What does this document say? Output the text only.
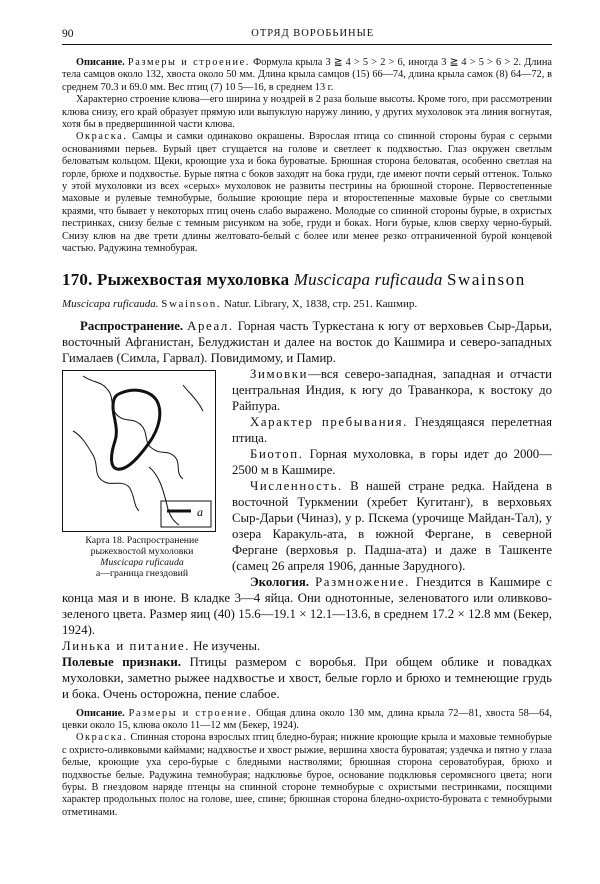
90	ОТРЯД ВОРОБЬИНЫЕ

Описание. Размеры и строение. Формула крыла 3 ≧ 4 > 5 > 2 > 6, иногда 3 ≧ 4 > 5 > 6 > 2. Длина тела самцов около 132, хвоста около 50 мм. Длина крыла самцов (15) 66—74, длина крыла самок (8) 64—72, в среднем 70.3 и 69.0 мм. Вес птиц (7) 10 5—16, в среднем 13 г.

Характерно строение клюва—его ширина у ноздрей в 2 раза больше высоты. Кроме того, при рассмотрении клюва снизу, его край образует прямую или выпуклую наружу линию, у других мухоловок эта линия вогнутая, хотя бы в предвершинной части клюва.

Окраска. Самцы и самки одинаково окрашены. Взрослая птица со спинной стороны бурая с серыми основаниями перьев. Бурый цвет сгущается на голове и светлеет к подхвостью. Глаз окружен светлым беловатым кольцом. Щеки, кроющие уха и бока буроватые. Брюшная сторона беловатая, особенно светлая на горле, брюхе и подхвостье. Бурые пятна с боков заходят на бока груди, где имеют почти серый оттенок. Только у этой мухоловки из всех «серых» мухоловок не развиты пестрины на брюшной стороне. Первостепенные маховые и рулевые темнобурые, большие кроющие пера и второстепенные маховые бурые со светлыми краями, что бывает у некоторых птиц очень слабо выражено. Молодые со спинной стороны бурые, в охристых пестринках, снизу белые с темным рисунком на зобе, груди и боках. Ноги бурые, клюв сверху черно-бурый. Снизу клюв на две трети длины желтовато-белый с более или менее резко отграниченной бурой концевой частью. Радужина темнобурая.

170. Рыжехвостая мухоловка Muscicapa ruficauda Swainson
Muscicapa ruficauda. Swainson. Natur. Library, X, 1838, стр. 251. Кашмир.

Распространение. Ареал. Горная часть Туркестана к югу от верховьев Сыр-Дарьи, восточный Афганистан, Белуджистан и далее на восток до Кашмира и северо-западных Гималаев (Симла, Гарвал). Повидимому, и Памир.

a
Карта 18. Распространение
рыжехвостой мухоловки
Muscicapa ruficauda
a—граница гнездовий

Зимовки—вся северо-западная, западная и отчасти центральная Индия, к югу до Траванкора, к востоку до Райпура.

Характер пребывания. Гнездящаяся перелетная птица.

Биотоп. Горная мухоловка, в горы идет до 2000—2500 м в Кашмире.

Численность. В нашей стране редка. Найдена в восточной Туркмении (хребет Кугитанг), в верховьях Сыр-Дарьи (Чиназ), у р. Пскема (урочище Майдан-Тал), у озера Каракуль-ата, в южной Фергане, в северной Фергане (верховья р. Падша-ата) и даже в Ташкенте (самец 26 апреля 1906, данные Зарудного).

Экология. Размножение. Гнездится в Кашмире с конца мая и в июне. В кладке 3—4 яйца. Они однотонные, зеленоватого или оливково-зеленого цвета. Размер яиц (40) 15.6—19.1 × 12.1—13.6, в среднем 17.2 × 12.8 мм (Бекер, 1924).

Линька и питание. Не изучены.

Полевые признаки. Птицы размером с воробья. При общем облике и повадках мухоловки, заметно рыжее надхвостье и хвост, белые горло и брюхо и темнеющие грудь и бока. Очень осторожна, пение слабое.

Описание. Размеры и строение. Общая длина около 130 мм, длина крыла 72—81, хвоста 58—64, цевки около 15, клюва около 11—12 мм (Бекер, 1924).

Окраска. Спинная сторона взрослых птиц бледно-бурая; нижние кроющие крыла и маховые темнобурые с охристо-оливковыми каймами; надхвостье и хвост рыжие, вершина хвоста буроватая; уздечка и пятно у глаза белые, кроющие уха серо-бурые с бледными настволями; брюшная сторона сероватобурая, брюхо и подхвостье белые. Радужина темнобурая; надклювье бурое, основание подклювья серомясного цвета; ноги буры. В гнездовом наряде птенцы на спинной стороне темнобурые с охристыми пестринками, посящими характер продольных полос на голове, шее, спине; брюшная сторона бледно-охристо-буровата с темнобурыми отметинами.
